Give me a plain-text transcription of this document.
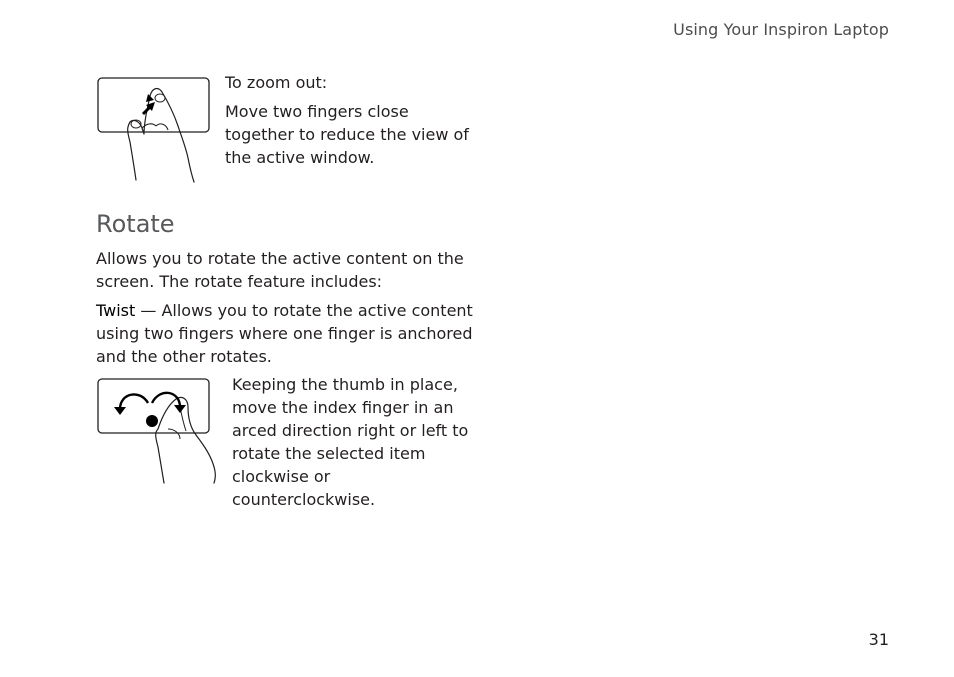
Using Your Inspiron Laptop

To zoom out:

Move two fingers close together to reduce the view of the active window.

Rotate

Allows you to rotate the active content on the screen. The rotate feature includes:

Twist — Allows you to rotate the active content using two fingers where one finger is anchored and the other rotates.

Keeping the thumb in place, move the index finger in an arced direction right or left to rotate the selected item clockwise or counterclockwise.
31
